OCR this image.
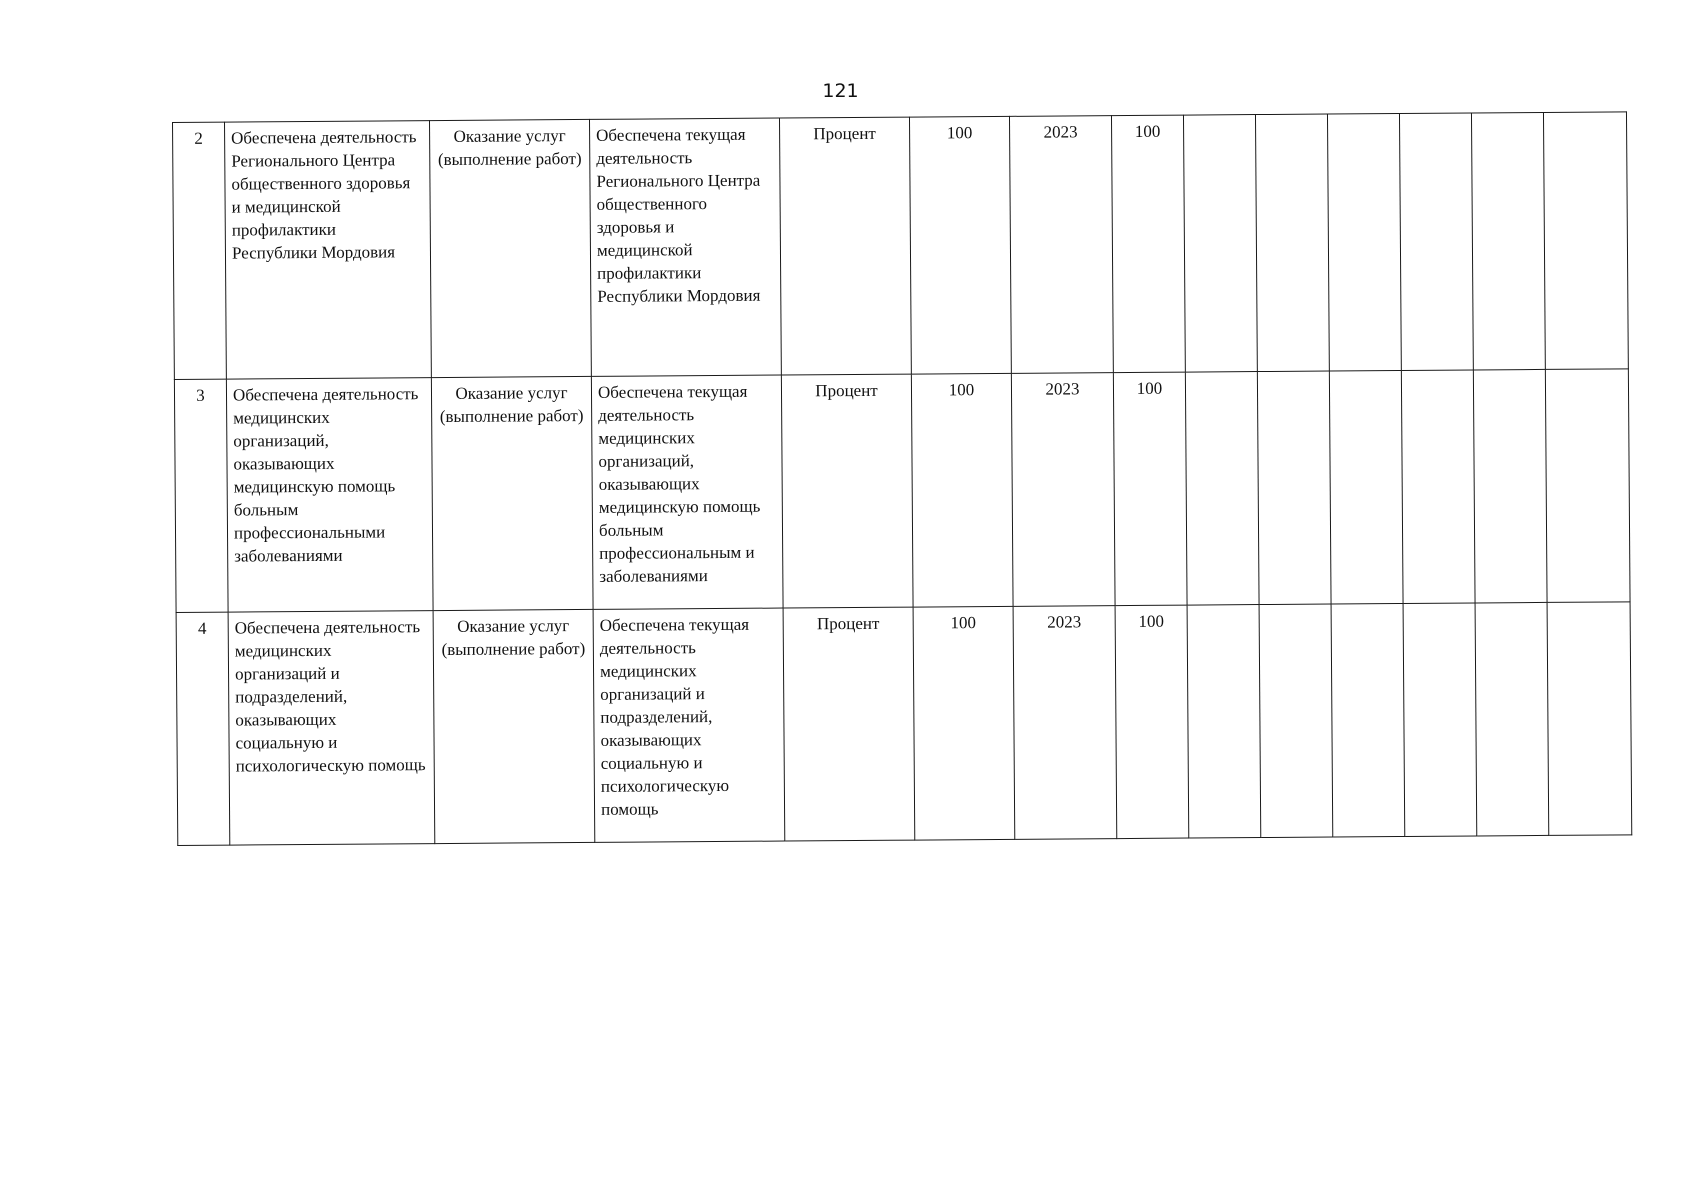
121
2	Обеспечена деятельность Регионального Центра общественного здоровья и медицинской профилактики Республики Мордовия	Оказание услуг (выполнение работ)	Обеспечена текущая деятельность Регионального Центра общественного здоровья и медицинской профилактики Республики Мордовия	Процент	100	2023	100						
3	Обеспечена деятельность медицинских организаций, оказывающих медицинскую помощь больным профессиональными заболеваниями	Оказание услуг (выполнение работ)	Обеспечена текущая деятельность медицинских организаций, оказывающих медицинскую помощь больным профессиональным и заболеваниями	Процент	100	2023	100						
4	Обеспечена деятельность медицинских организаций и подразделений, оказывающих социальную и психологическую помощь	Оказание услуг (выполнение работ)	Обеспечена текущая деятельность медицинских организаций и подразделений, оказывающих социальную и психологическую помощь	Процент	100	2023	100						
